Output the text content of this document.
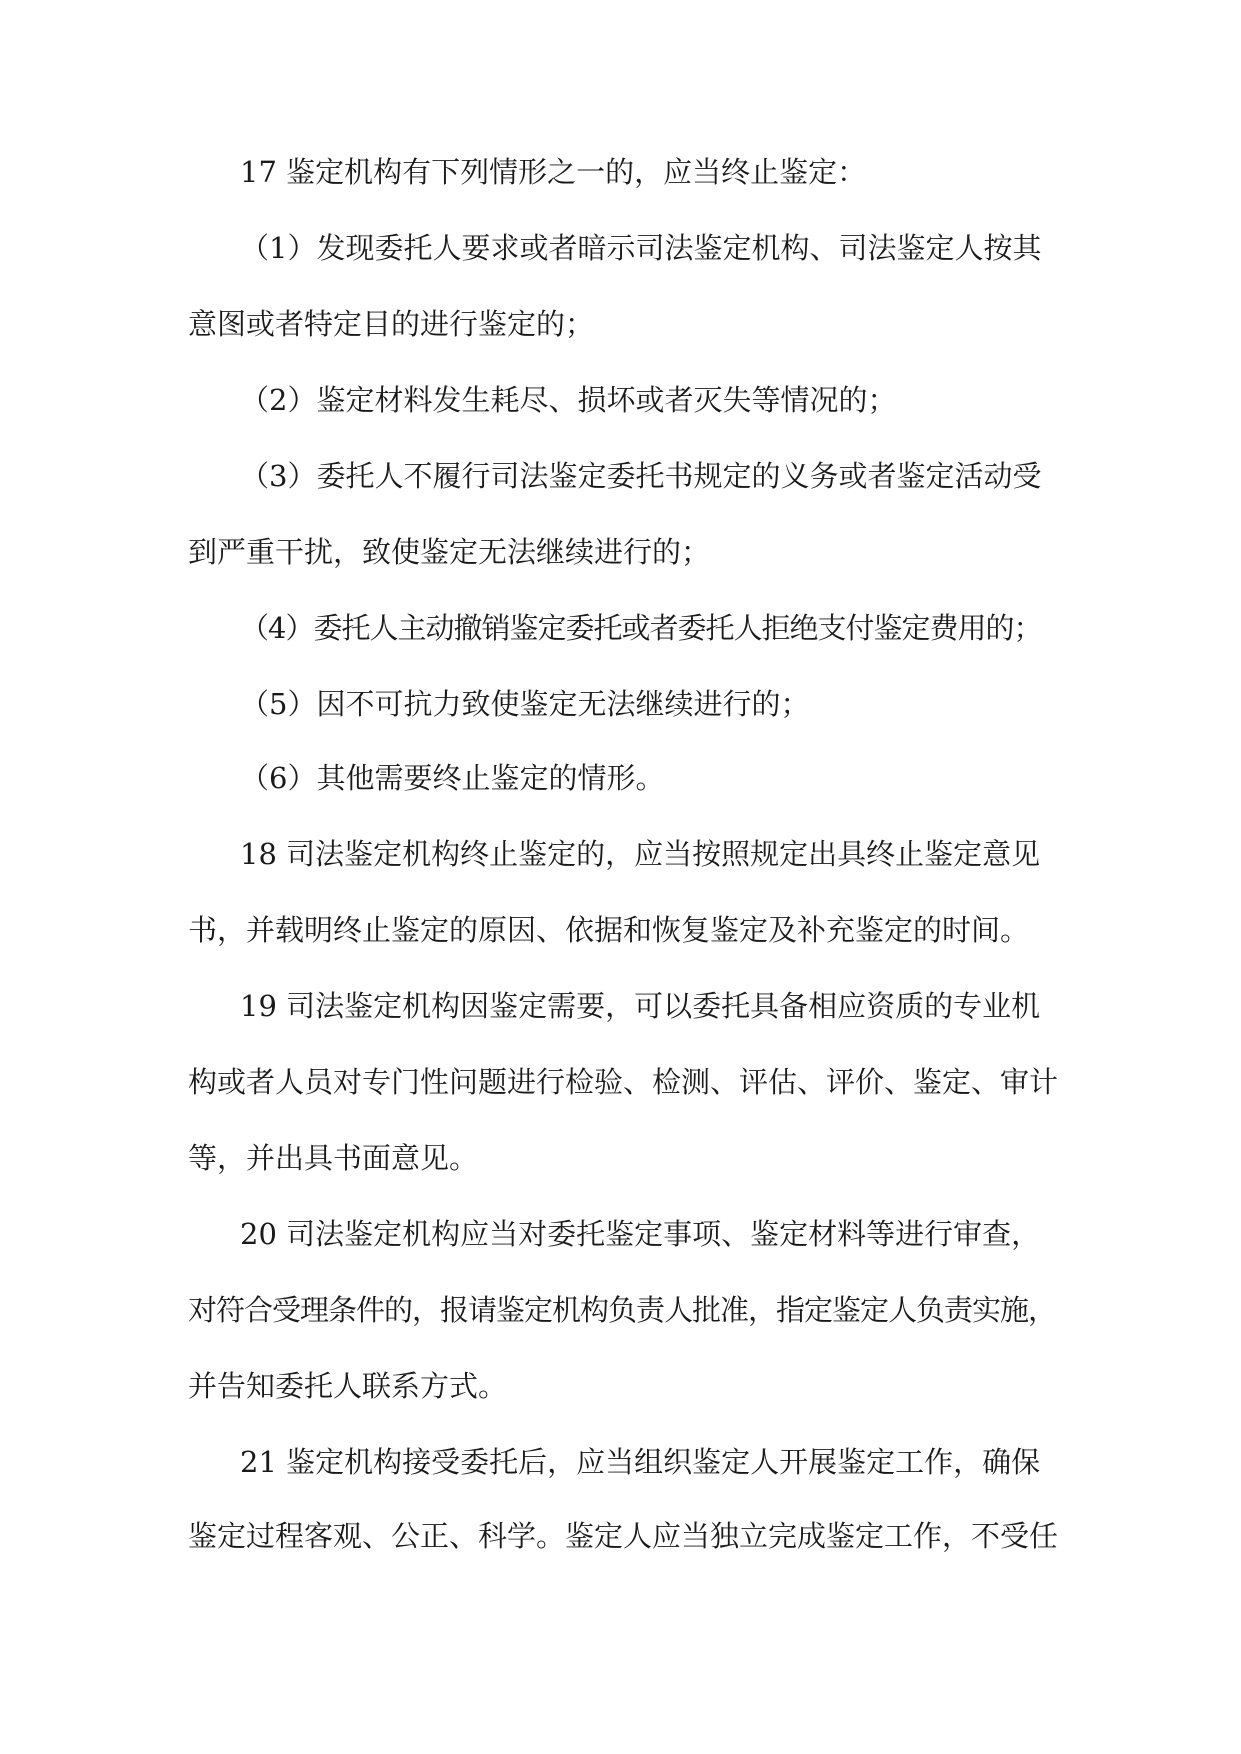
17 鉴定机构有下列情形之一的，应当终止鉴定：

（1）发现委托人要求或者暗示司法鉴定机构、司法鉴定人按其

意图或者特定目的进行鉴定的；

（2）鉴定材料发生耗尽、损坏或者灭失等情况的；

（3）委托人不履行司法鉴定委托书规定的义务或者鉴定活动受

到严重干扰，致使鉴定无法继续进行的；

（4）委托人主动撤销鉴定委托或者委托人拒绝支付鉴定费用的；

（5）因不可抗力致使鉴定无法继续进行的；

（6）其他需要终止鉴定的情形。

18 司法鉴定机构终止鉴定的，应当按照规定出具终止鉴定意见

书，并载明终止鉴定的原因、依据和恢复鉴定及补充鉴定的时间。

19 司法鉴定机构因鉴定需要，可以委托具备相应资质的专业机

构或者人员对专门性问题进行检验、检测、评估、评价、鉴定、审计

等，并出具书面意见。

20 司法鉴定机构应当对委托鉴定事项、鉴定材料等进行审查，

对符合受理条件的，报请鉴定机构负责人批准，指定鉴定人负责实施，

并告知委托人联系方式。

21 鉴定机构接受委托后，应当组织鉴定人开展鉴定工作，确保

鉴定过程客观、公正、科学。鉴定人应当独立完成鉴定工作，不受任
